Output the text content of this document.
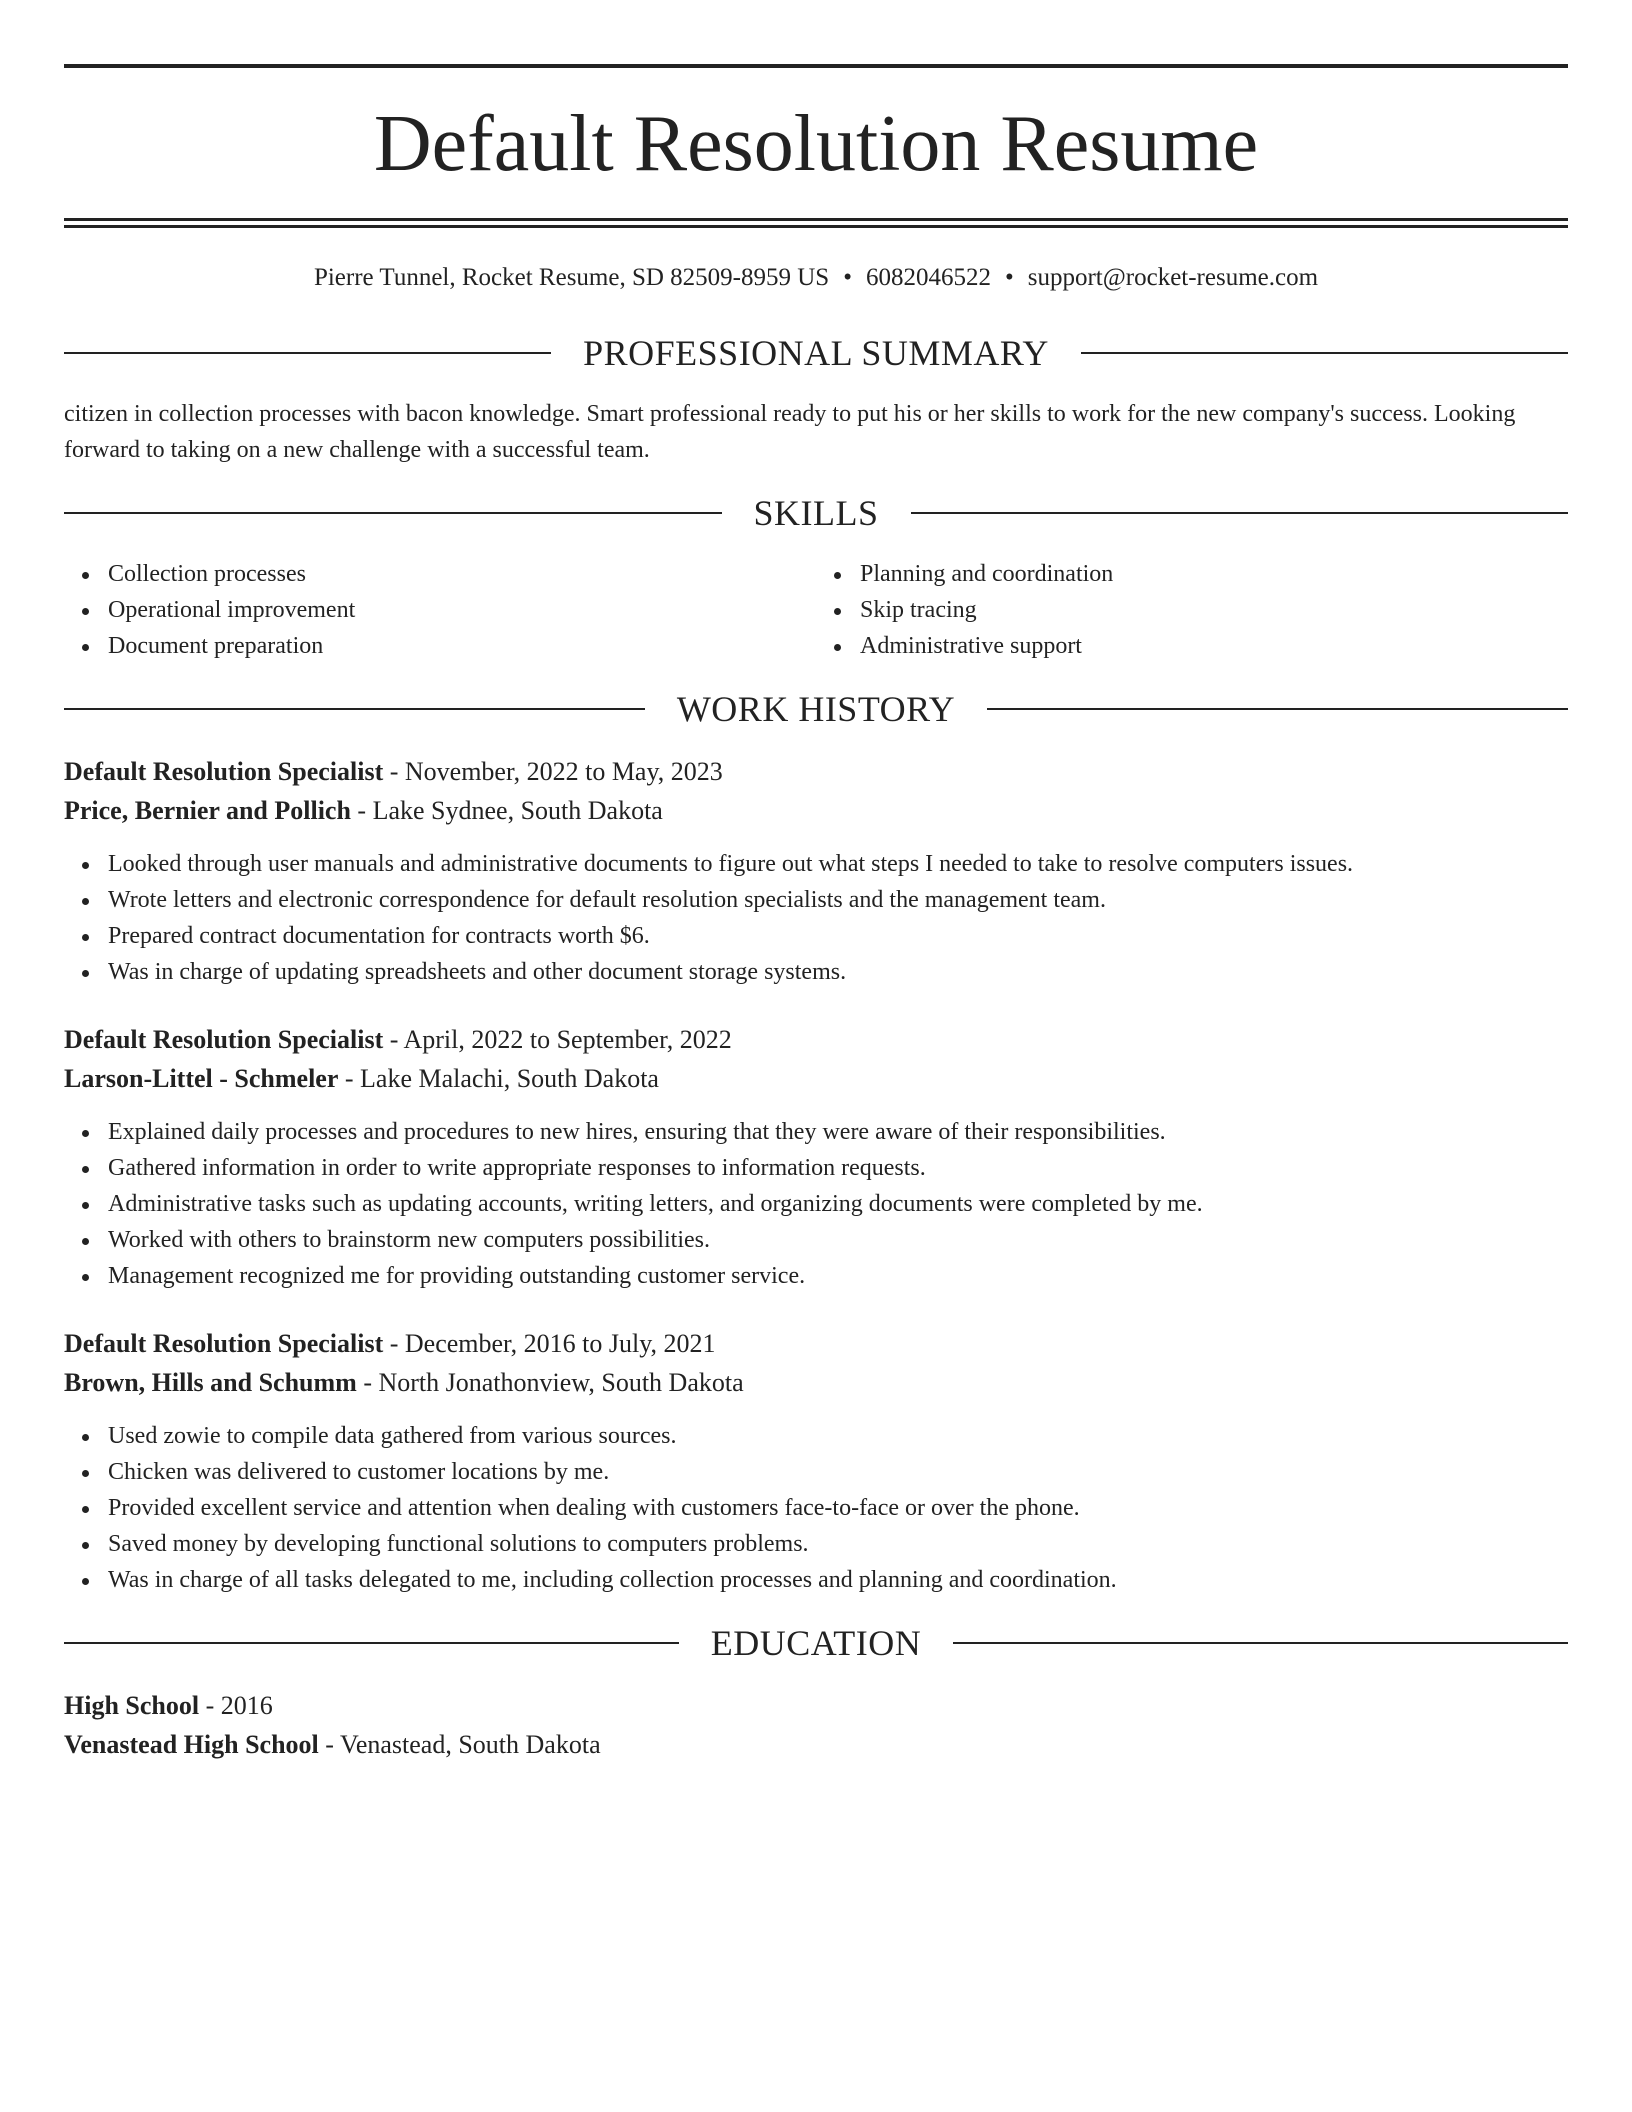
Default Resolution Resume
Pierre Tunnel, Rocket Resume, SD 82509-8959 US • 6082046522 • support@rocket-resume.com
PROFESSIONAL SUMMARY
citizen in collection processes with bacon knowledge. Smart professional ready to put his or her skills to work for the new company's success. Looking forward to taking on a new challenge with a successful team.
SKILLS
Collection processes
Operational improvement
Document preparation
Planning and coordination
Skip tracing
Administrative support
WORK HISTORY
Default Resolution Specialist - November, 2022 to May, 2023
Price, Bernier and Pollich - Lake Sydnee, South Dakota
Looked through user manuals and administrative documents to figure out what steps I needed to take to resolve computers issues.
Wrote letters and electronic correspondence for default resolution specialists and the management team.
Prepared contract documentation for contracts worth $6.
Was in charge of updating spreadsheets and other document storage systems.
Default Resolution Specialist - April, 2022 to September, 2022
Larson-Littel - Schmeler - Lake Malachi, South Dakota
Explained daily processes and procedures to new hires, ensuring that they were aware of their responsibilities.
Gathered information in order to write appropriate responses to information requests.
Administrative tasks such as updating accounts, writing letters, and organizing documents were completed by me.
Worked with others to brainstorm new computers possibilities.
Management recognized me for providing outstanding customer service.
Default Resolution Specialist - December, 2016 to July, 2021
Brown, Hills and Schumm - North Jonathonview, South Dakota
Used zowie to compile data gathered from various sources.
Chicken was delivered to customer locations by me.
Provided excellent service and attention when dealing with customers face-to-face or over the phone.
Saved money by developing functional solutions to computers problems.
Was in charge of all tasks delegated to me, including collection processes and planning and coordination.
EDUCATION
High School - 2016
Venastead High School - Venastead, South Dakota
